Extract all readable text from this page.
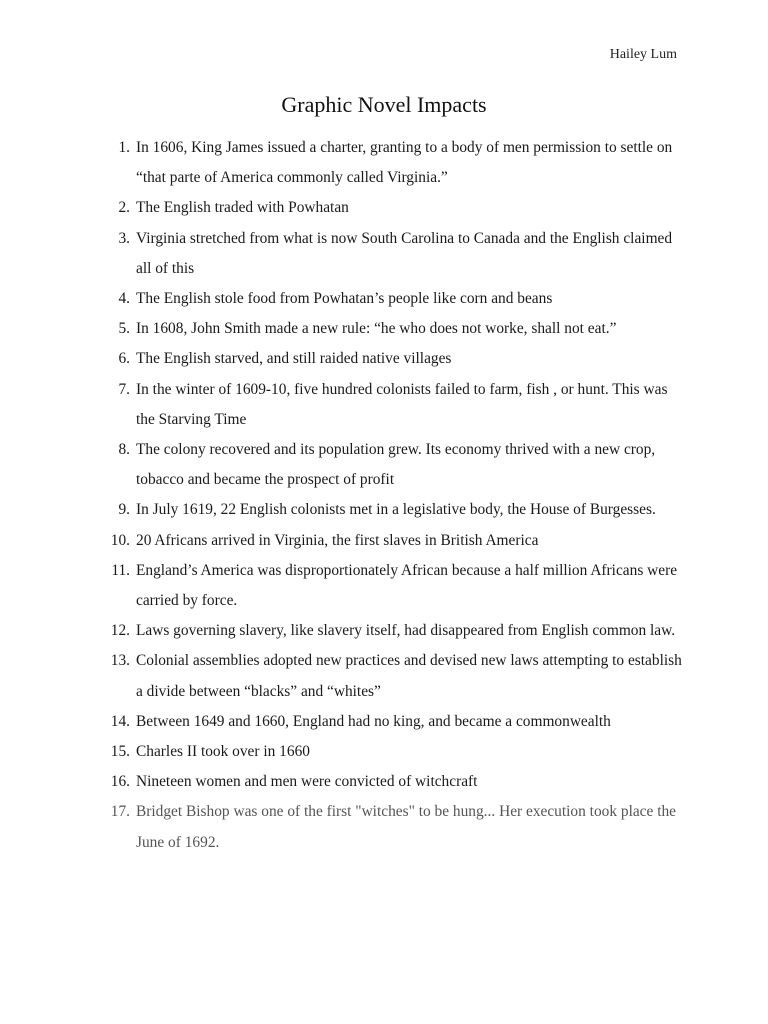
Hailey Lum
Graphic Novel Impacts
1. In 1606, King James issued a charter, granting to a body of men permission to settle on “that parte of America commonly called Virginia.”
2. The English traded with Powhatan
3. Virginia stretched from what is now South Carolina to Canada and the English claimed all of this
4. The English stole food from Powhatan’s people like corn and beans
5. In 1608, John Smith made a new rule: “he who does not worke, shall not eat.”
6. The English starved, and still raided native villages
7. In the winter of 1609-10, five hundred colonists failed to farm, fish , or hunt. This was the Starving Time
8. The colony recovered and its population grew. Its economy thrived with a new crop, tobacco and became the prospect of profit
9. In July 1619, 22 English colonists met in a legislative body, the House of Burgesses.
10. 20 Africans arrived in Virginia, the first slaves in British America
11. England’s America was disproportionately African because a half million Africans were carried by force.
12. Laws governing slavery, like slavery itself, had disappeared from English common law.
13. Colonial assemblies adopted new practices and devised new laws attempting to establish a divide between “blacks” and “whites”
14. Between 1649 and 1660, England had no king, and became a commonwealth
15. Charles II took over in 1660
16. Nineteen women and men were convicted of witchcraft
17. Bridget Bishop was one of the first "witches" to be hung... Her execution took place the June of 1692.
